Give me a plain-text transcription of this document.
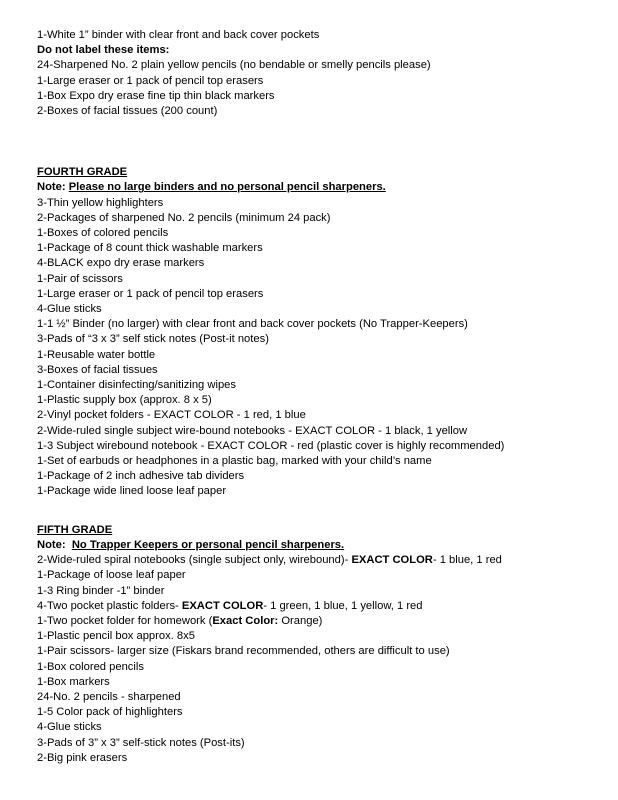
1-White 1” binder with clear front and back cover pockets
Do not label these items:
24-Sharpened No. 2 plain yellow pencils (no bendable or smelly pencils please)
1-Large eraser or 1 pack of pencil top erasers
1-Box Expo dry erase fine tip thin black markers
2-Boxes of facial tissues (200 count)
FOURTH GRADE
Note: Please no large binders and no personal pencil sharpeners.
3-Thin yellow highlighters
2-Packages of sharpened No. 2 pencils (minimum 24 pack)
1-Boxes of colored pencils
1-Package of 8 count thick washable markers
4-BLACK expo dry erase markers
1-Pair of scissors
1-Large eraser or 1 pack of pencil top erasers
4-Glue sticks
1-1 ½” Binder (no larger) with clear front and back cover pockets (No Trapper-Keepers)
3-Pads of “3 x 3” self stick notes (Post-it notes)
1-Reusable water bottle
3-Boxes of facial tissues
1-Container disinfecting/sanitizing wipes
1-Plastic supply box (approx. 8 x 5)
2-Vinyl pocket folders - EXACT COLOR - 1 red, 1 blue
2-Wide-ruled single subject wire-bound notebooks - EXACT COLOR - 1 black, 1 yellow
1-3 Subject wirebound notebook - EXACT COLOR - red (plastic cover is highly recommended)
1-Set of earbuds or headphones in a plastic bag, marked with your child’s name
1-Package of 2 inch adhesive tab dividers
1-Package wide lined loose leaf paper
FIFTH GRADE
Note:  No Trapper Keepers or personal pencil sharpeners.
2-Wide-ruled spiral notebooks (single subject only, wirebound)- EXACT COLOR- 1 blue, 1 red
1-Package of loose leaf paper
1-3 Ring binder -1” binder
4-Two pocket plastic folders- EXACT COLOR- 1 green, 1 blue, 1 yellow, 1 red
1-Two pocket folder for homework (Exact Color: Orange)
1-Plastic pencil box approx. 8x5
1-Pair scissors- larger size (Fiskars brand recommended, others are difficult to use)
1-Box colored pencils
1-Box markers
24-No. 2 pencils - sharpened
1-5 Color pack of highlighters
4-Glue sticks
3-Pads of 3” x 3” self-stick notes (Post-its)
2-Big pink erasers
